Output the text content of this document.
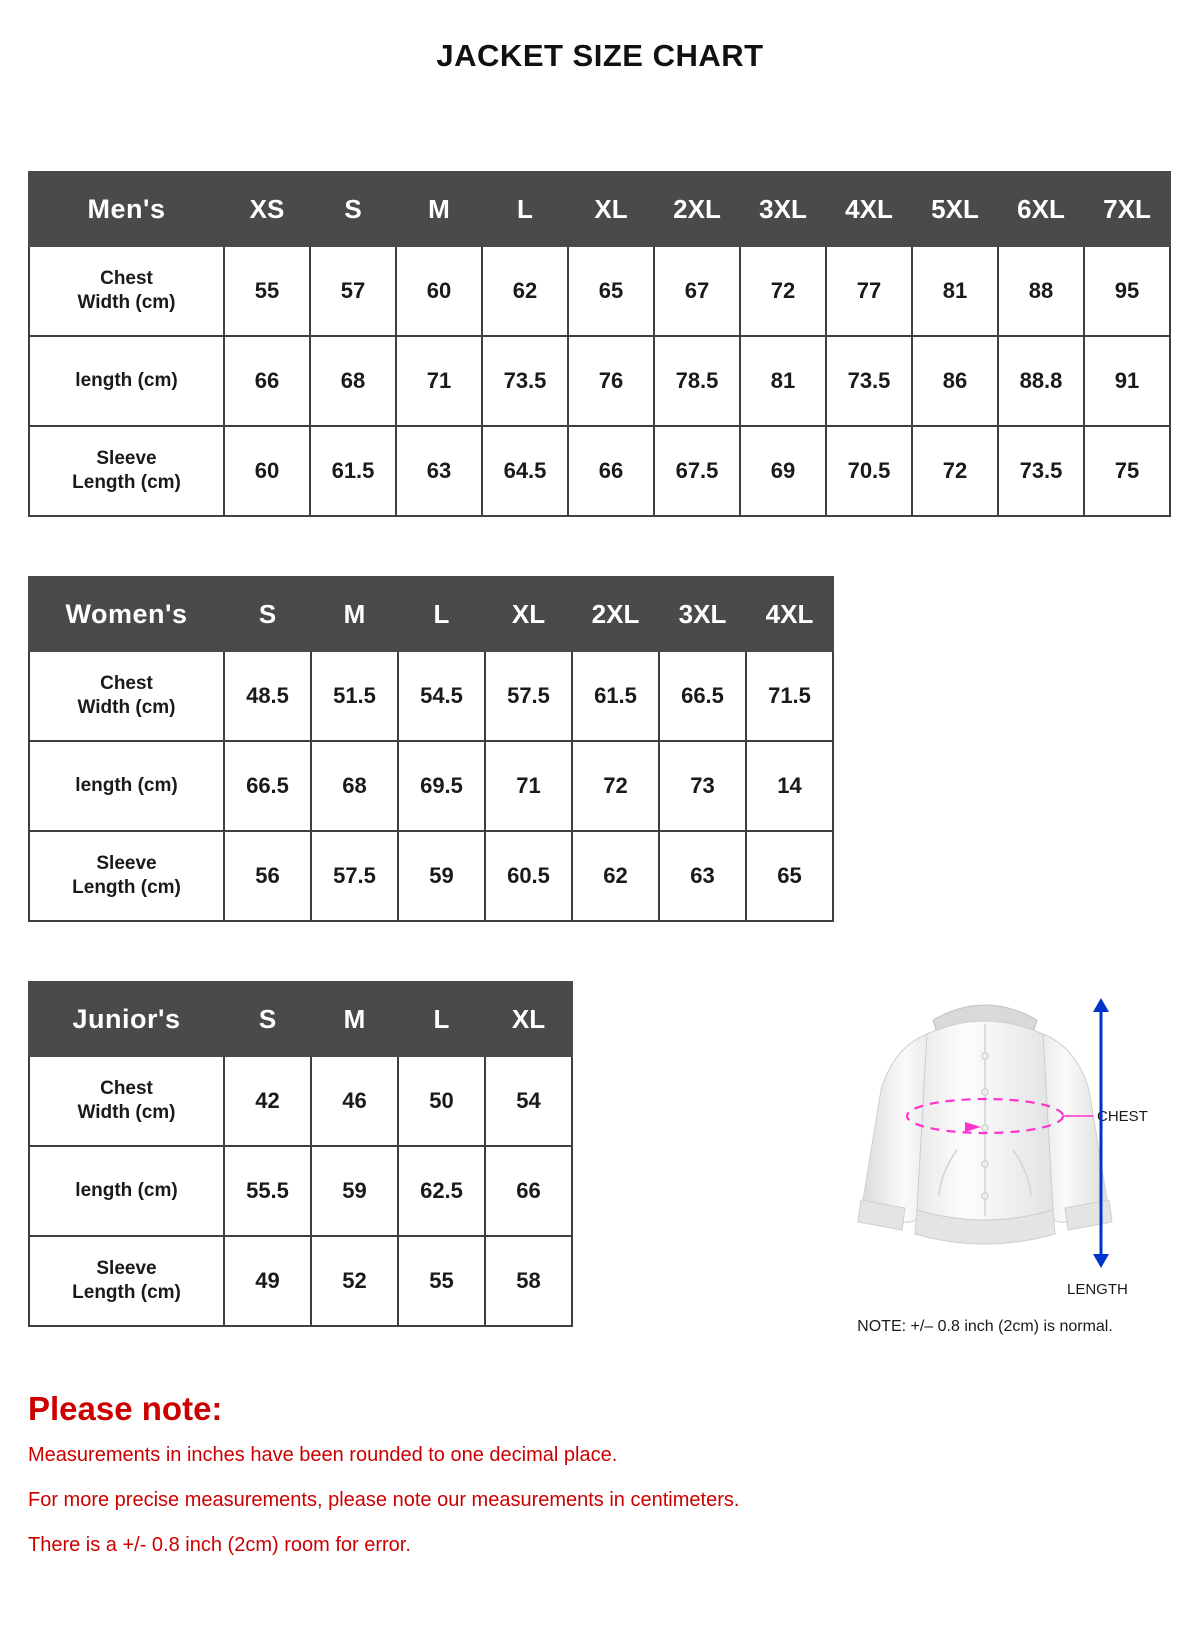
JACKET SIZE CHART
Men's	XS	S	M	L	XL	2XL	3XL	4XL	5XL	6XL	7XL

Chest
Width (cm)	55	57	60	62	65	67	72	77	81	88	95

length (cm)	66	68	71	73.5	76	78.5	81	73.5	86	88.8	91

Sleeve
Length (cm)	60	61.5	63	64.5	66	67.5	69	70.5	72	73.5	75
Women's	S	M	L	XL	2XL	3XL	4XL

Chest
Width (cm)	48.5	51.5	54.5	57.5	61.5	66.5	71.5

length (cm)	66.5	68	69.5	71	72	73	14

Sleeve
Length (cm)	56	57.5	59	60.5	62	63	65
Junior's	S	M	L	XL

Chest
Width (cm)	42	46	50	54

length (cm)	55.5	59	62.5	66

Sleeve
Length (cm)	49	52	55	58
CHEST
LENGTH
NOTE: +/– 0.8 inch (2cm) is normal.
Please note:

Measurements in inches have been rounded to one decimal place.

For more precise measurements, please note our measurements in centimeters.

There is a +/- 0.8 inch (2cm) room for error.
